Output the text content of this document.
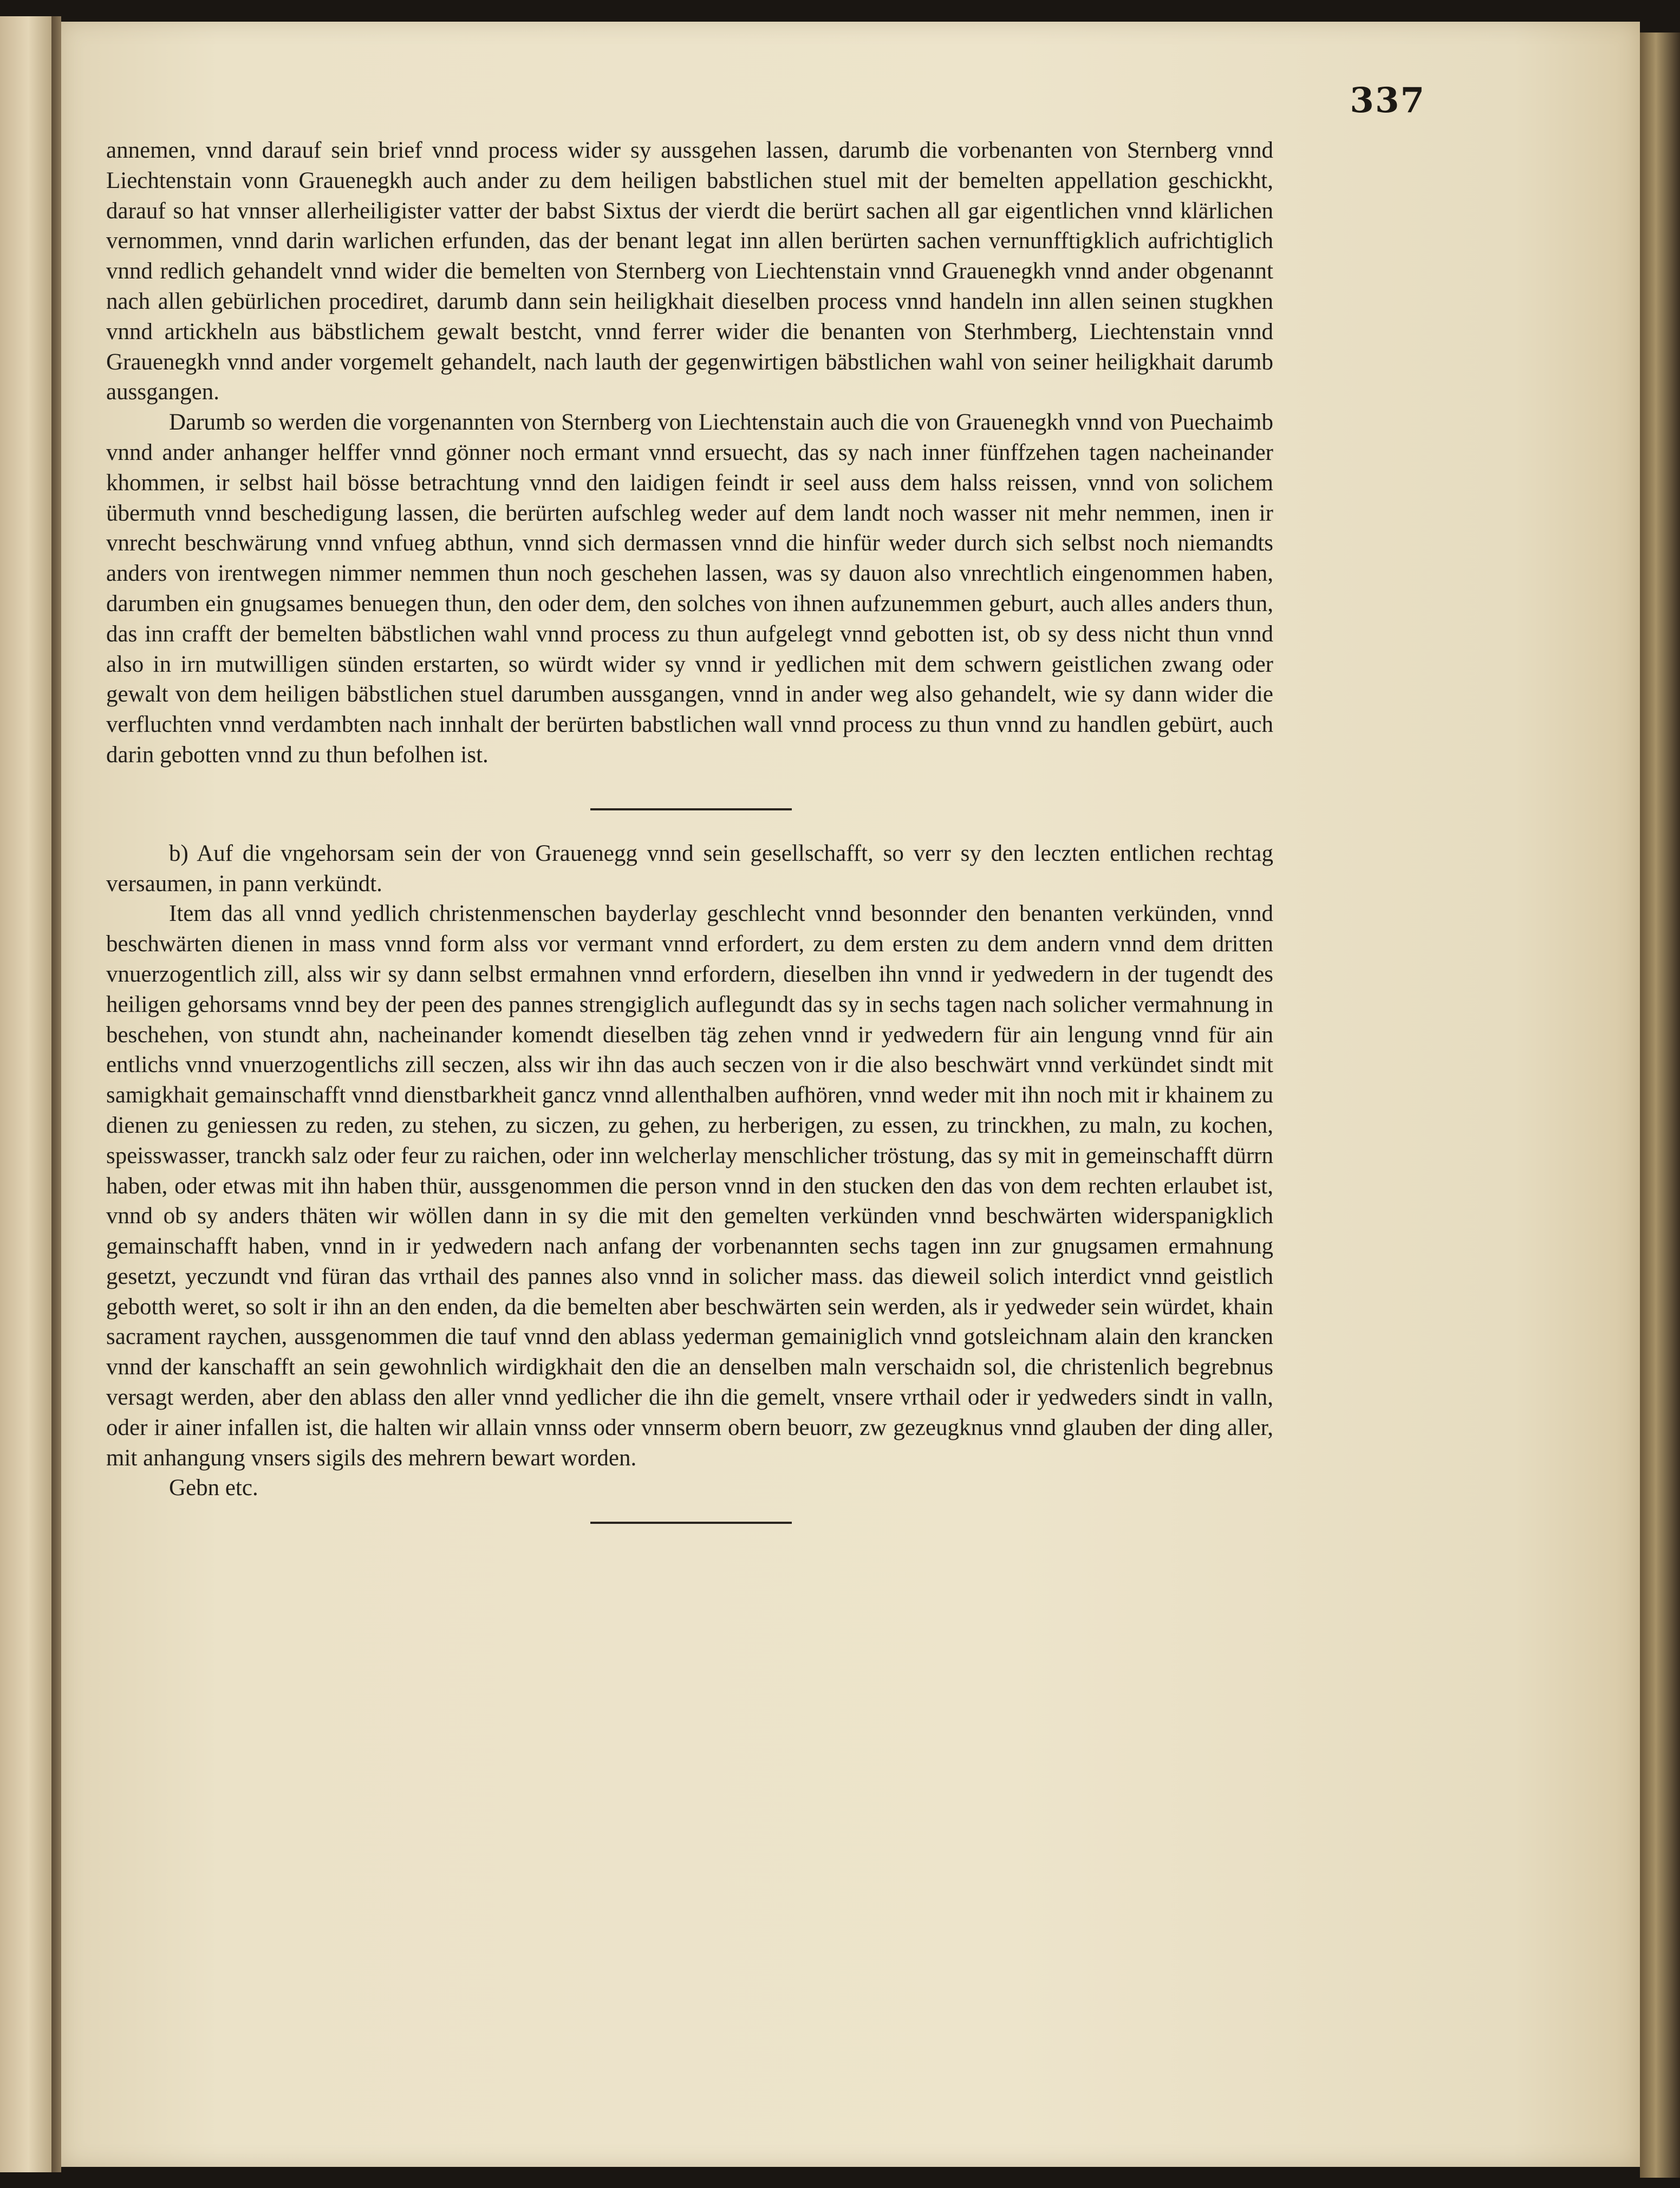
337

annemen, vnnd darauf sein brief vnnd process wider sy aussgehen lassen, darumb die vorbenanten von Sternberg vnnd Liechtenstain vonn Grauenegkh auch ander zu dem heiligen babstlichen stuel mit der bemelten appellation geschickht, darauf so hat vnnser allerheiligister vatter der babst Sixtus der vierdt die berürt sachen all gar eigentlichen vnnd klärlichen vernommen, vnnd darin warlichen erfunden, das der benant legat inn allen berürten sachen vernunfftigklich aufrichtiglich vnnd redlich gehandelt vnnd wider die bemelten von Sternberg von Liechtenstain vnnd Grauenegkh vnnd ander obgenannt nach allen gebürlichen procediret, darumb dann sein heiligkhait dieselben process vnnd handeln inn allen seinen stugkhen vnnd artickheln aus bäbstlichem gewalt bestcht, vnnd ferrer wider die benanten von Sterhmberg, Liechtenstain vnnd Grauenegkh vnnd ander vorgemelt gehandelt, nach lauth der gegenwirtigen bäbstlichen wahl von seiner heiligkhait darumb aussgangen.

Darumb so werden die vorgenannten von Sternberg von Liechtenstain auch die von Grauenegkh vnnd von Puechaimb vnnd ander anhanger helffer vnnd gönner noch ermant vnnd ersuecht, das sy nach inner fünffzehen tagen nacheinander khommen, ir selbst hail bösse betrachtung vnnd den laidigen feindt ir seel auss dem halss reissen, vnnd von solichem übermuth vnnd beschedigung lassen, die berürten aufschleg weder auf dem landt noch wasser nit mehr nemmen, inen ir vnrecht beschwärung vnnd vnfueg abthun, vnnd sich dermassen vnnd die hinfür weder durch sich selbst noch niemandts anders von irentwegen nimmer nemmen thun noch geschehen lassen, was sy dauon also vnrechtlich eingenommen haben, darumben ein gnugsames benuegen thun, den oder dem, den solches von ihnen aufzunemmen geburt, auch alles anders thun, das inn crafft der bemelten bäbstlichen wahl vnnd process zu thun aufgelegt vnnd gebotten ist, ob sy dess nicht thun vnnd also in irn mutwilligen sünden erstarten, so würdt wider sy vnnd ir yedlichen mit dem schwern geistlichen zwang oder gewalt von dem heiligen bäbstlichen stuel darumben aussgangen, vnnd in ander weg also gehandelt, wie sy dann wider die verfluchten vnnd verdambten nach innhalt der berürten babstlichen wall vnnd process zu thun vnnd zu handlen gebürt, auch darin gebotten vnnd zu thun befolhen ist.

b) Auf die vngehorsam sein der von Grauenegg vnnd sein gesellschafft, so verr sy den leczten entlichen rechtag versaumen, in pann verkündt.

Item das all vnnd yedlich christenmenschen bayderlay geschlecht vnnd besonnder den benanten verkünden, vnnd beschwärten dienen in mass vnnd form alss vor vermant vnnd erfordert, zu dem ersten zu dem andern vnnd dem dritten vnuerzogentlich zill, alss wir sy dann selbst ermahnen vnnd erfordern, dieselben ihn vnnd ir yedwedern in der tugendt des heiligen gehorsams vnnd bey der peen des pannes strengiglich auflegundt das sy in sechs tagen nach solicher vermahnung in beschehen, von stundt ahn, nacheinander komendt dieselben täg zehen vnnd ir yedwedern für ain lengung vnnd für ain entlichs vnnd vnuerzogentlichs zill seczen, alss wir ihn das auch seczen von ir die also beschwärt vnnd verkündet sindt mit samigkhait gemainschafft vnnd dienstbarkheit gancz vnnd allenthalben aufhören, vnnd weder mit ihn noch mit ir khainem zu dienen zu geniessen zu reden, zu stehen, zu siczen, zu gehen, zu herberigen, zu essen, zu trinckhen, zu maln, zu kochen, speisswasser, tranckh salz oder feur zu raichen, oder inn welcherlay menschlicher tröstung, das sy mit in gemeinschafft dürrn haben, oder etwas mit ihn haben thür, aussgenommen die person vnnd in den stucken den das von dem rechten erlaubet ist, vnnd ob sy anders thäten wir wöllen dann in sy die mit den gemelten verkünden vnnd beschwärten widerspanigklich gemainschafft haben, vnnd in ir yedwedern nach anfang der vorbenannten sechs tagen inn zur gnugsamen ermahnung gesetzt, yeczundt vnd füran das vrthail des pannes also vnnd in solicher mass. das dieweil solich interdict vnnd geistlich gebotth weret, so solt ir ihn an den enden, da die bemelten aber beschwärten sein werden, als ir yedweder sein würdet, khain sacrament raychen, aussgenommen die tauf vnnd den ablass yederman gemainiglich vnnd gotsleichnam alain den krancken vnnd der kanschafft an sein gewohnlich wirdigkhait den die an denselben maln verschaidn sol, die christenlich begrebnus versagt werden, aber den ablass den aller vnnd yedlicher die ihn die gemelt, vnsere vrthail oder ir yedweders sindt in valln, oder ir ainer infallen ist, die halten wir allain vnnss oder vnnserm obern beuorr, zw gezeugknus vnnd glauben der ding aller, mit anhangung vnsers sigils des mehrern bewart worden.

Gebn etc.
